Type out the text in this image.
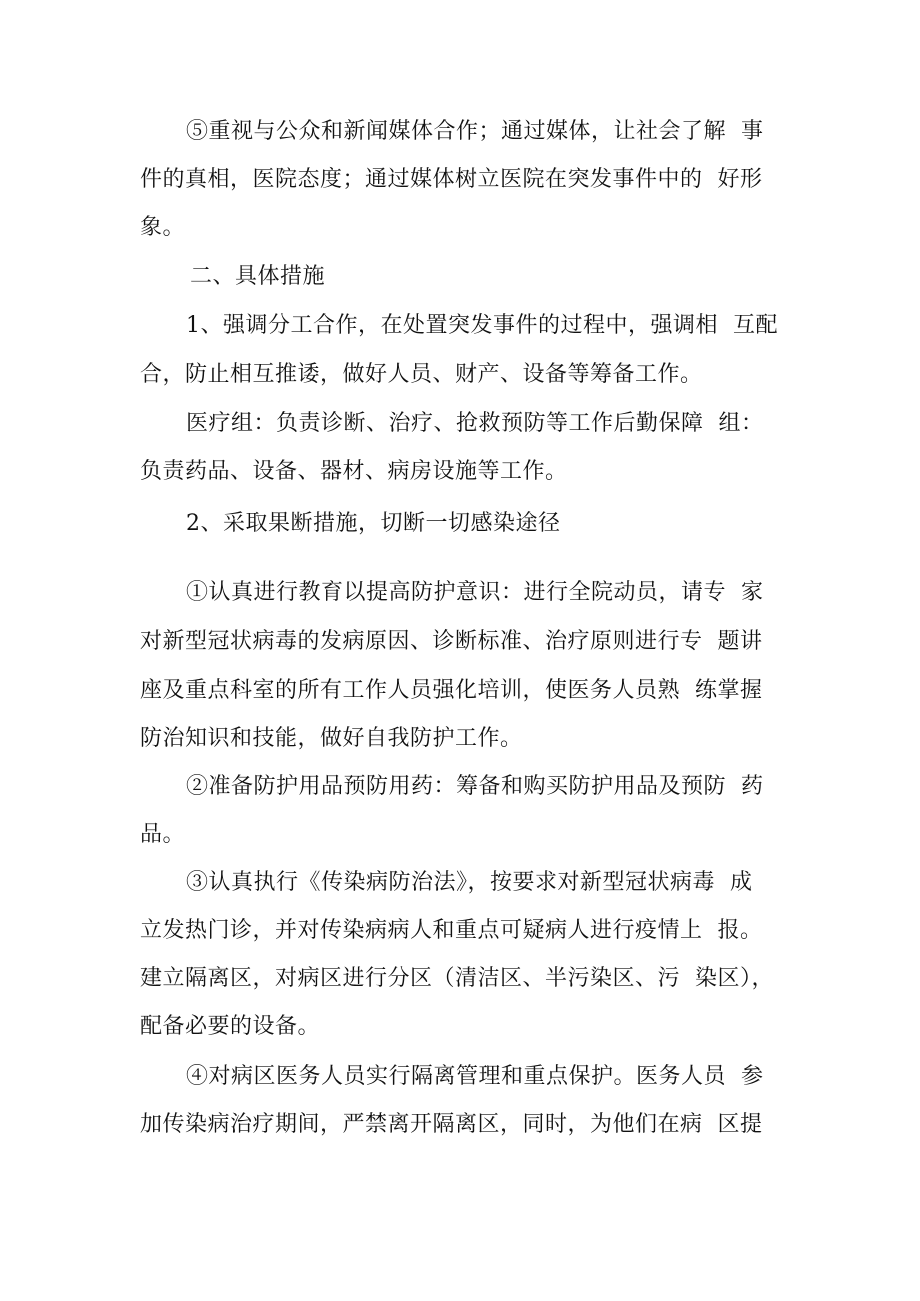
⑤重视与公众和新闻媒体合作；通过媒体，让社会了解  事
件的真相，医院态度；通过媒体树立医院在突发事件中的  好形
象。
二、具体措施
1、强调分工合作，在处置突发事件的过程中，强调相  互配
合，防止相互推诿，做好人员、财产、设备等筹备工作。
医疗组：负责诊断、治疗、抢救预防等工作后勤保障  组：
负责药品、设备、器材、病房设施等工作。
2、采取果断措施，切断一切感染途径
①认真进行教育以提高防护意识：进行全院动员，请专  家
对新型冠状病毒的发病原因、诊断标准、治疗原则进行专  题讲
座及重点科室的所有工作人员强化培训，使医务人员熟  练掌握
防治知识和技能，做好自我防护工作。
②准备防护用品预防用药：筹备和购买防护用品及预防  药
品。
③认真执行《传染病防治法》，按要求对新型冠状病毒  成
立发热门诊，并对传染病病人和重点可疑病人进行疫情上  报。
建立隔离区，对病区进行分区（清洁区、半污染区、污  染区），
配备必要的设备。
④对病区医务人员实行隔离管理和重点保护。医务人员  参
加传染病治疗期间，严禁离开隔离区，同时，为他们在病  区提
